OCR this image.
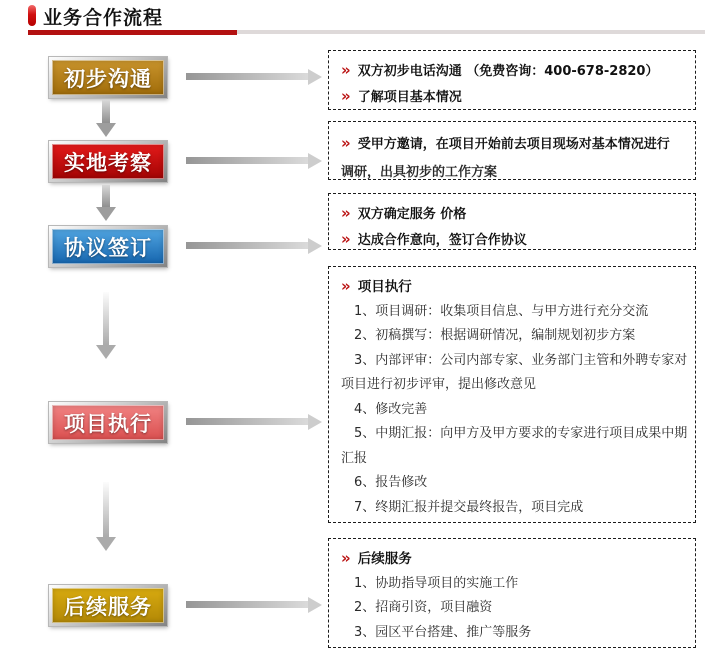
业务合作流程
初步沟通
实地考察
协议签订
项目执行
后续服务
» 双方初步电话沟通 （免费咨询：400-678-2820）
» 了解项目基本情况
» 受甲方邀请，在项目开始前去项目现场对基本情况进行
调研，出具初步的工作方案
» 双方确定服务 价格
» 达成合作意向，签订合作协议
» 项目执行
1、项目调研：收集项目信息、与甲方进行充分交流
2、初稿撰写：根据调研情况，编制规划初步方案
3、内部评审：公司内部专家、业务部门主管和外聘专家对
项目进行初步评审，提出修改意见
4、修改完善
5、中期汇报：向甲方及甲方要求的专家进行项目成果中期
汇报
6、报告修改
7、终期汇报并提交最终报告，项目完成
» 后续服务
1、协助指导项目的实施工作
2、招商引资，项目融资
3、园区平台搭建、推广等服务
